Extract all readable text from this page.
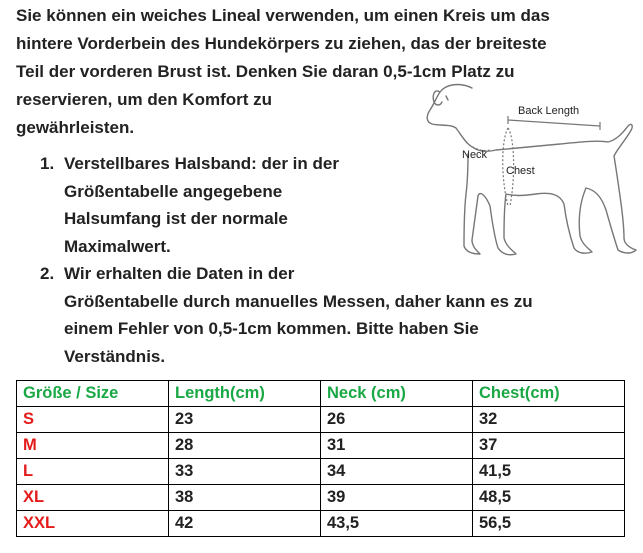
Sie können ein weiches Lineal verwenden, um einen Kreis um das
hintere Vorderbein des Hundekörpers zu ziehen, das der breiteste
Teil der vorderen Brust ist. Denken Sie daran 0,5-1cm Platz zu
reservieren, um den Komfort zu
gewährleisten.
1. Verstellbares Halsband: der in der
Größentabelle angegebene
Halsumfang ist der normale
Maximalwert.
2. Wir erhalten die Daten in der
Größentabelle durch manuelles Messen, daher kann es zu
einem Fehler von 0,5-1cm kommen. Bitte haben Sie
Verständnis.
Back Length
Neck
Chest
Größe / Size	Length(cm)	Neck (cm)	Chest(cm)
S	23	26	32
M	28	31	37
L	33	34	41,5
XL	38	39	48,5
XXL	42	43,5	56,5
